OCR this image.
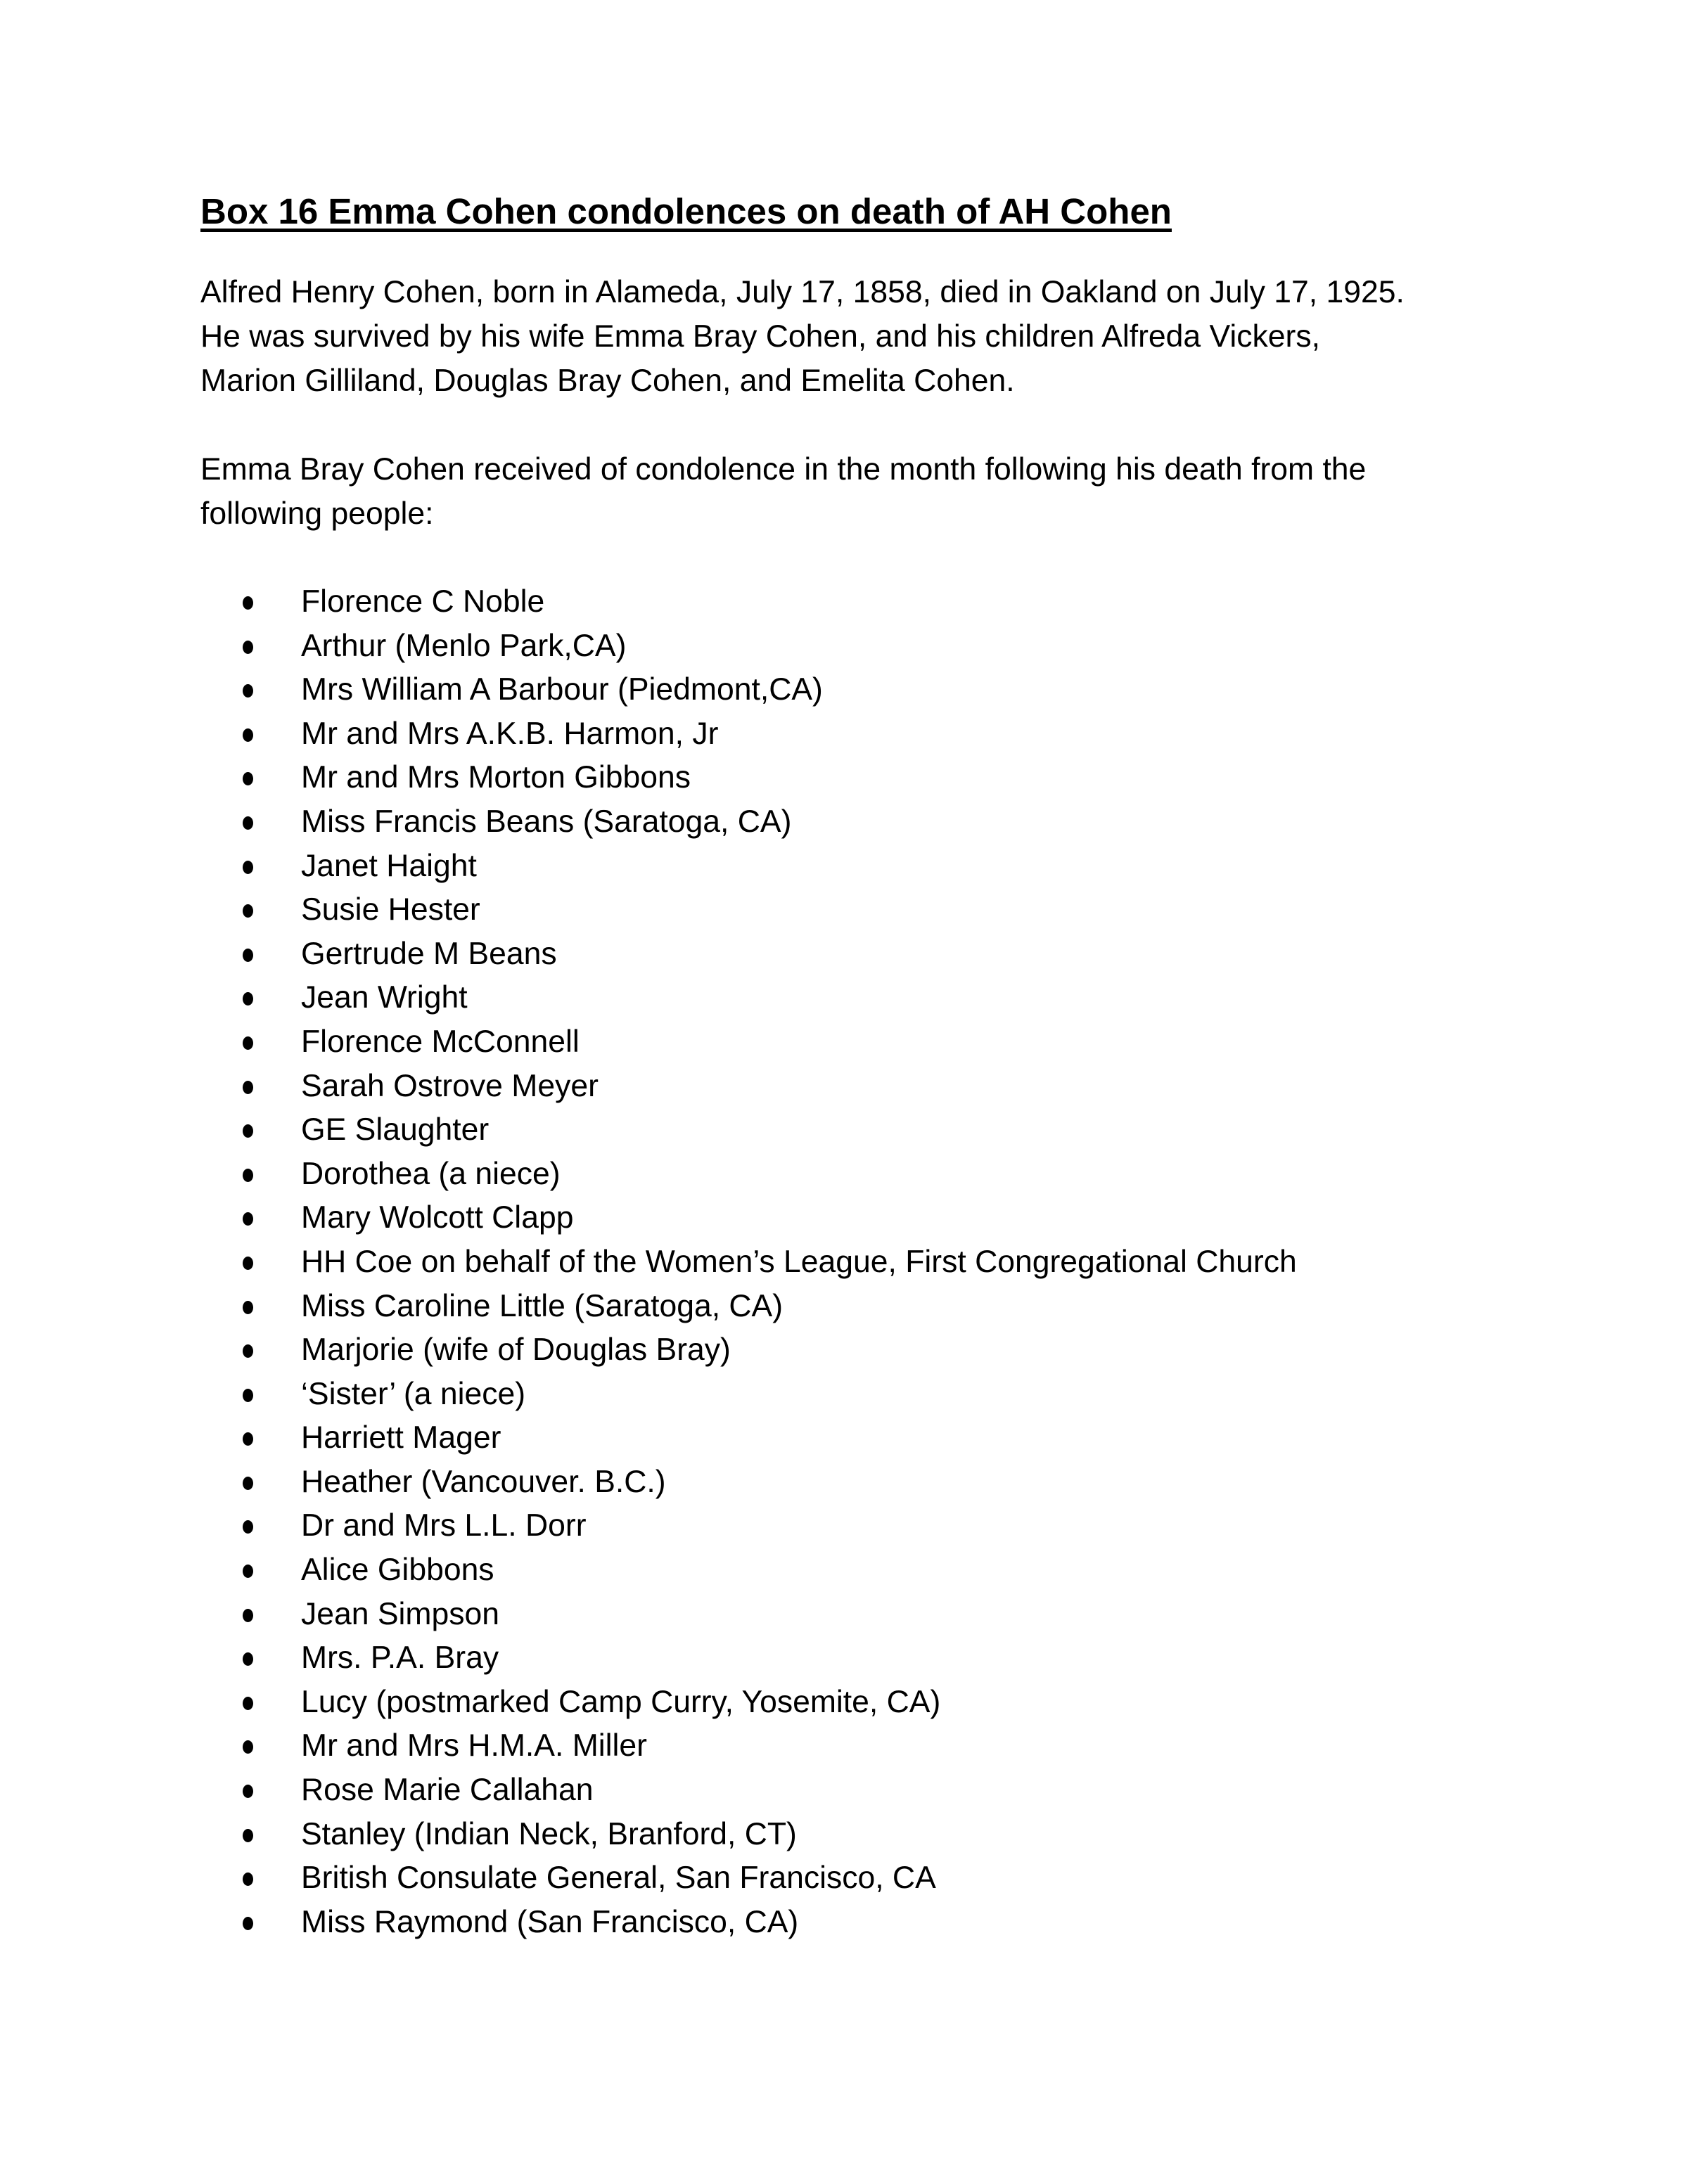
Box 16 Emma Cohen condolences on death of AH Cohen

Alfred Henry Cohen, born in Alameda, July 17, 1858, died in Oakland on July 17, 1925.
He was survived by his wife Emma Bray Cohen, and his children Alfreda Vickers,
Marion Gilliland, Douglas Bray Cohen, and Emelita Cohen.

Emma Bray Cohen received of condolence in the month following his death from the
following people:

Florence C Noble
Arthur (Menlo Park,CA)
Mrs William A Barbour (Piedmont,CA)
Mr and Mrs A.K.B. Harmon, Jr
Mr and Mrs Morton Gibbons
Miss Francis Beans (Saratoga, CA)
Janet Haight
Susie Hester
Gertrude M Beans
Jean Wright
Florence McConnell
Sarah Ostrove Meyer
GE Slaughter
Dorothea (a niece)
Mary Wolcott Clapp
HH Coe on behalf of the Women’s League, First Congregational Church
Miss Caroline Little (Saratoga, CA)
Marjorie (wife of Douglas Bray)
‘Sister’ (a niece)
Harriett Mager
Heather (Vancouver. B.C.)
Dr and Mrs L.L. Dorr
Alice Gibbons
Jean Simpson
Mrs. P.A. Bray
Lucy (postmarked Camp Curry, Yosemite, CA)
Mr and Mrs H.M.A. Miller
Rose Marie Callahan
Stanley (Indian Neck, Branford, CT)
British Consulate General, San Francisco, CA
Miss Raymond (San Francisco, CA)
